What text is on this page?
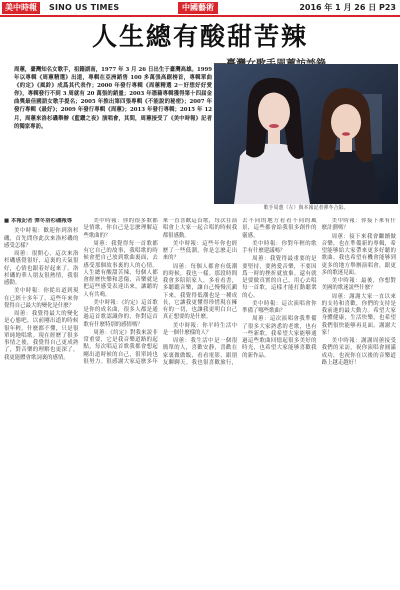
美中時報	SINO US TIMES	中國藝術	2016 年 1 月 26 日 P23
人生總有酸甜苦辣
周蕙，臺灣知名女歌手，祖籍湖南，1977 年 3 月 26 日出生于臺灣高雄。1999 年以專輯《周蕙精選》出道，專輯在亞洲銷售 100 多萬張高踞榜首，專輯單曲《約定》《風鈴》成爲其代表作；2000 年發行專輯《周蕙精選 2－好想好好愛你》，專輯發行不到 3 周就有 20 萬張的銷量；2003 年憑藉專輯獲得第十四届金曲獎最佳國語女歌手提名；2005 年推出第四張專輯《不能說的秘密》；2007 年發行專輯《最好》；2009 年發行專輯《周蕙》；2013 年發行專輯；2015 年 12 月，周蕙來洛杉磯舉辦《藍鑽之夜》演唱會，其間，周蕙接受了《美中時報》記者的獨家專訪。
歌手周蕙（左）與本報記者彈冬合影。

■ 本報記者 彈冬洛杉磯報導

美中時報：歡迎你到洛杉磯，首先問你此次來洛杉磯的感受怎樣？

周蕙：很開心，這次來洛杉磯感覺很好，這裏的天氣很好，心情也跟着好起來了。洛杉磯的華人朋友很熱情，我很感動。

美中時報：你從出道到現在已經十多年了，這些年來你覺得自己最大的變化是什麽？

周蕙：我覺得最大的變化是心態吧，以前剛出道的時候很年輕，什麽都不懂，只是很單純地唱歌。現在經歷了很多事情之後，我覺得自己更成熟了，對音樂的理解也更深了，我更能體會歌詞裏的感情。

美中時報：你的很多歌都是情歌，你自己是怎麽理解這些歌曲的？

周蕙：我覺得每一首歌都有它自己的故事，我唱歌的時候會把自己放到歌曲裏面，去感受那個故事裏的人的心情。人生總有酸甜苦辣，每個人都會經歷快樂和悲傷，音樂就是把這些感受表達出來，讓聽的人有共鳴。

美中時報：《約定》這首歌是你的成名曲，很多人都是通過這首歌認識你的，你對這首歌有什麽特别的感情嗎？

周蕙：《約定》對我來説非常重要，它是我音樂道路的起點，每次唱這首歌我都會想起剛出道時候的自己，很單純也很努力。很感謝大家這麽多年來一直喜歡這首歌，每次在演唱會上大家一起合唱的時候我都很感動。

美中時報：這些年你也經歷了一些低潮，你是怎麽走出來的？

周蕙：每個人都會有低潮的時候，我也一樣。那段時間我會多陪陪家人，多看看書，多聽聽音樂，讓自己慢慢沉澱下來。我覺得低潮也是一種成長，它讓我更懂得珍惜現在擁有的一切，也讓我更明白自己真正想要的是什麽。

美中時報：你平時生活中是一個什麽樣的人？

周蕙：我生活中是一個很簡單的人，喜歡安静，喜歡在家裏做做飯、看看電影，跟朋友聊聊天。我也很喜歡旅行，去不同的地方看看不同的風景，這些都會給我很多創作的靈感。

美中時報：你對年輕的歌手有什麽建議嗎？

周蕙：我覺得最重要的是要堅持，要熱愛音樂，不要因爲一時的挫折就放棄。還有就是要做真實的自己，用心去唱每一首歌，這樣才能打動聽衆的心。

美中時報：這次演唱會你準備了哪些歌曲？

周蕙：這次演唱會我準備了很多大家熟悉的老歌，也有一些新歌。我希望大家能够通過這些歌曲回憶起很多美好的時光，也希望大家能够喜歡我的新作品。

美中時報：你接下來有什麽計劃嗎？

周蕙：接下來我會繼續做音樂，也在準備新的專輯，希望能够給大家帶來更多好聽的歌曲。我也希望有機會能够到更多的地方舉辦演唱會，跟更多的歌迷見面。

美中時報：最後，你想對美國的歌迷説些什麽？

周蕙：謝謝大家一直以來的支持和喜歡，你們的支持是我前進的最大動力。希望大家身體健康，生活快樂，也希望我們很快能够再見面。謝謝大家！

美中時報：謝謝周蕙接受我們的采訪，祝你演唱會圓滿成功，也祝你在以後的音樂道路上越走越好！
